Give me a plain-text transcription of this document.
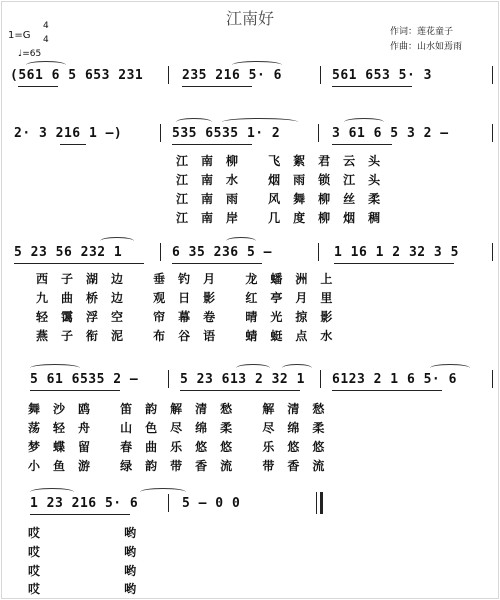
江南好
1=G
4
4
♩=65
作词：莲花童子
作曲：山水如焉雨
(561 6 5 653 231	235 216 5· 6	561 653 5· 3
2· 3 216 1 –)	535 6535 1· 2	3 61 6 5 3 2 –
江南柳 飞絮君云头
江南水 烟雨锁江头
江南雨 风舞柳丝柔
江南岸 几度柳烟稠
5 23 56 232 1	6 35 236 5 –	1 16 1 2 32 3 5
西子湖边 垂钓月 龙蟠洲上
九曲桥边 观日影 红亭月里
轻霭浮空 帘幕卷 晴光掠影
燕子衔泥 布谷语 蜻蜓点水
5 61 6535 2 –	5 23 613 2 32 1 6123 2 1 6 5· 6
舞沙鸥 笛韵解清愁 解清愁
荡轻舟 山色尽绵柔 尽绵柔
梦蝶留 春曲乐悠悠 乐悠悠
小鱼游 绿韵带香流 带香流
1 23 216 5· 6	5 – 0 0
哎 哟
哎 哟
哎 哟
哎 哟
